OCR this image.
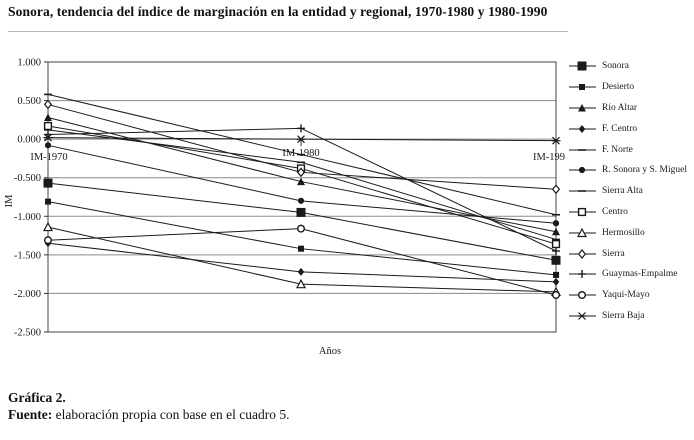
Sonora, tendencia del índice de marginación en la entidad y regional, 1970-1980 y 1980-1990
1.000
0.500
0.000
-0.500
-1.000
-1.500
-2.000
-2.500
IM-1970	IM-1980	IM-199
IM
Años
Sonora
Desierto
Río Altar
F. Centro
F. Norte
R. Sonora y S. Miguel
Sierra Alta
Centro
Hermosillo
Sierra
Guaymas-Empalme
Yaqui-Mayo
Sierra Baja
Gráfica 2.
Fuente: elaboración propia con base en el cuadro 5.
